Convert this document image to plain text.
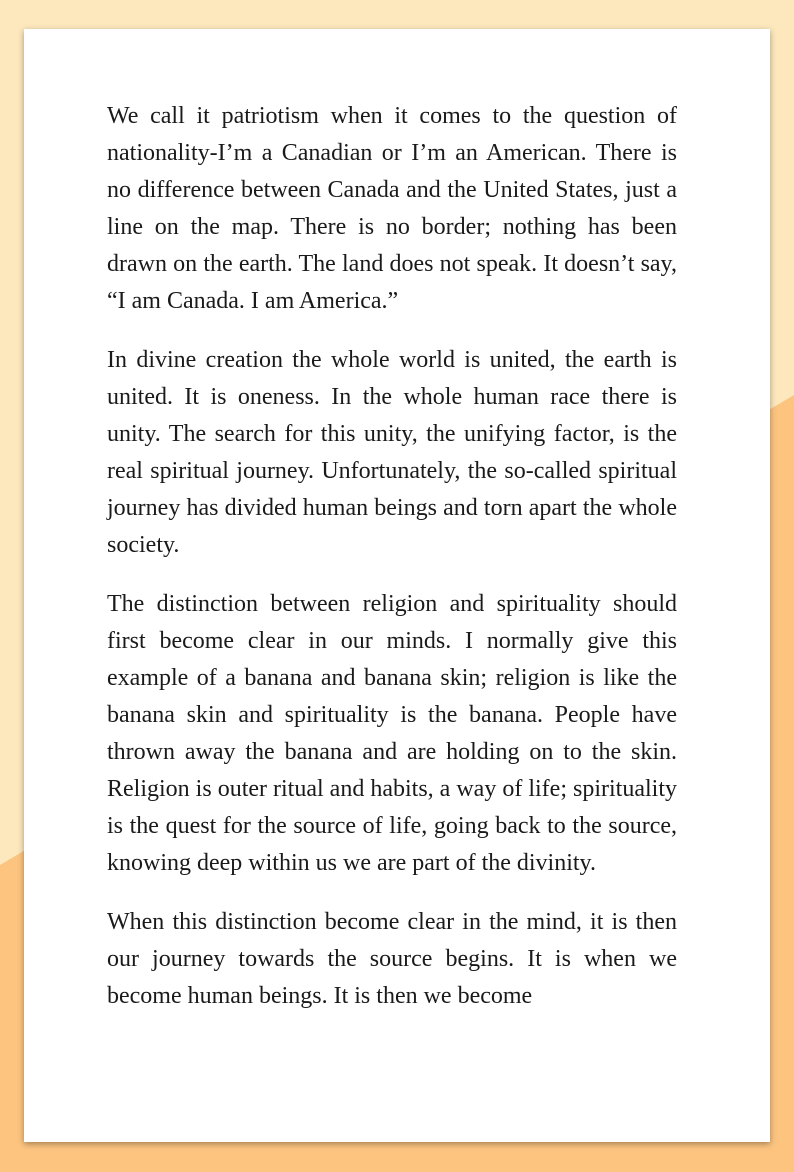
We call it patriotism when it comes to the question of nationality-I’m a Canadian or I’m an American. There is no difference between Canada and the United States, just a line on the map. There is no border; nothing has been drawn on the earth. The land does not speak. It doesn’t say, “I am Canada. I am America.”

In divine creation the whole world is united, the earth is united. It is oneness. In the whole human race there is unity. The search for this unity, the unifying factor, is the real spiritual journey. Unfortunately, the so-called spiritual journey has divided human beings and torn apart the whole society.

The distinction between religion and spirituality should first become clear in our minds. I normally give this example of a banana and banana skin; religion is like the banana skin and spirituality is the banana. People have thrown away the banana and are holding on to the skin. Religion is outer ritual and habits, a way of life; spirituality is the quest for the source of life, going back to the source, knowing deep within us we are part of the divinity.

When this distinction become clear in the mind, it is then our journey towards the source begins. It is when we become human beings. It is then we become
